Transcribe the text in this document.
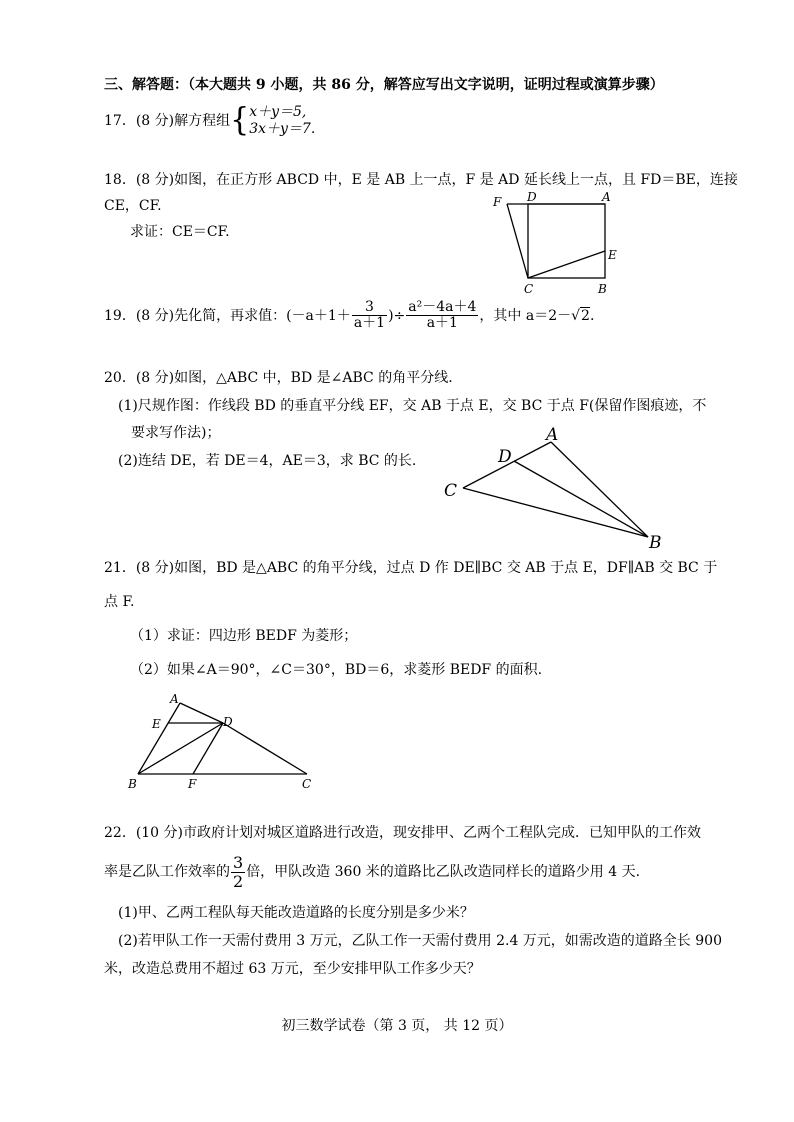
三、解答题：（本大题共 9 小题，共 86 分，解答应写出文字说明，证明过程或演算步骤）
17．(8 分)解方程组{ x＋y＝5,
3x＋y＝7.
18．(8 分)如图，在正方形 ABCD 中，E 是 AB 上一点，F 是 AD 延长线上一点，且 FD＝BE，连接
CE，CF.
求证：CE＝CF.
F D	A
E
C	B
19．(8 分)先化简，再求值：($-a+1+ \frac{3}{a+1}$ )÷ $\frac{\text{a²－4a＋4}}{a+1}$ ，其中 a＝2－√2.
20．(8 分)如图，△ABC 中，BD 是∠ABC 的角平分线.
(1)尺规作图：作线段 BD 的垂直平分线 EF，交 AB 于点 E，交 BC 于点 F(保留作图痕迹，不
要求写作法)；
(2)连结 DE，若 DE＝4，AE＝3，求 BC 的长.
A
D
C
B
21．(8 分)如图，BD 是△ABC 的角平分线，过点 D 作 DE∥BC 交 AB 于点 E，DF∥AB 交 BC 于
点 F.
（1）求证：四边形 BEDF 为菱形；
（2）如果∠A＝90°，∠C＝30°，BD＝6，求菱形 BEDF 的面积.
A
E	D
B	F	C
22．(10 分)市政府计划对城区道路进行改造，现安排甲、乙两个工程队完成．已知甲队的工作效
率是乙队工作效率的 $\frac{3}{2}$ 倍，甲队改造 360 米的道路比乙队改造同样长的道路少用 4 天.
(1)甲、乙两工程队每天能改造道路的长度分别是多少米？
(2)若甲队工作一天需付费用 3 万元，乙队工作一天需付费用 2.4 万元，如需改造的道路全长 900
米，改造总费用不超过 63 万元，至少安排甲队工作多少天？
初三数学试卷（第 3 页， 共 12 页）
